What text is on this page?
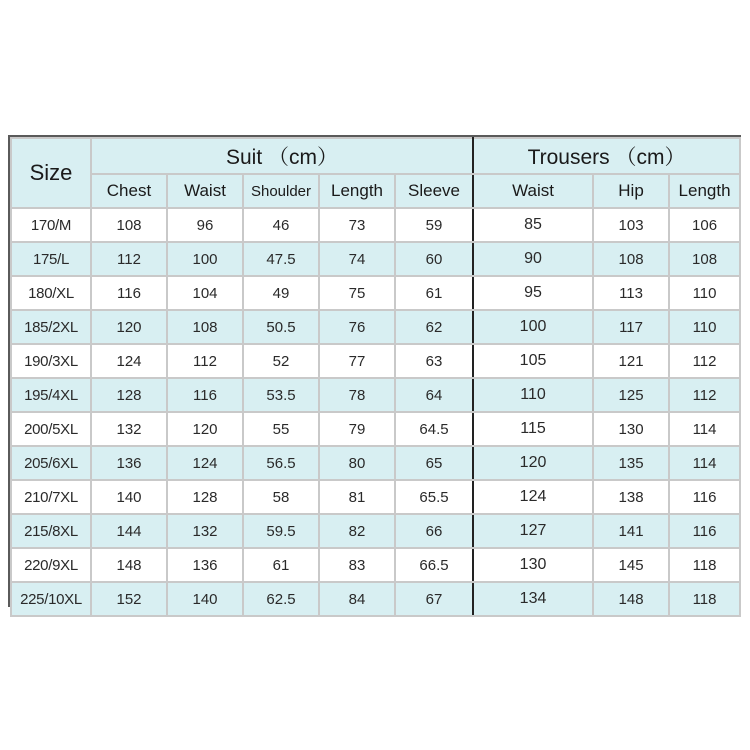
Size	Suit （cm）					Trousers （cm）		
	Chest	Waist	Shoulder	Length	Sleeve	Waist	Hip	Length
170/M	108	96	46	73	59	85	103	106
175/L	112	100	47.5	74	60	90	108	108
180/XL	116	104	49	75	61	95	113	110
185/2XL	120	108	50.5	76	62	100	117	110
190/3XL	124	112	52	77	63	105	121	112
195/4XL	128	116	53.5	78	64	110	125	112
200/5XL	132	120	55	79	64.5	115	130	114
205/6XL	136	124	56.5	80	65	120	135	114
210/7XL	140	128	58	81	65.5	124	138	116
215/8XL	144	132	59.5	82	66	127	141	116
220/9XL	148	136	61	83	66.5	130	145	118
225/10XL	152	140	62.5	84	67	134	148	118
